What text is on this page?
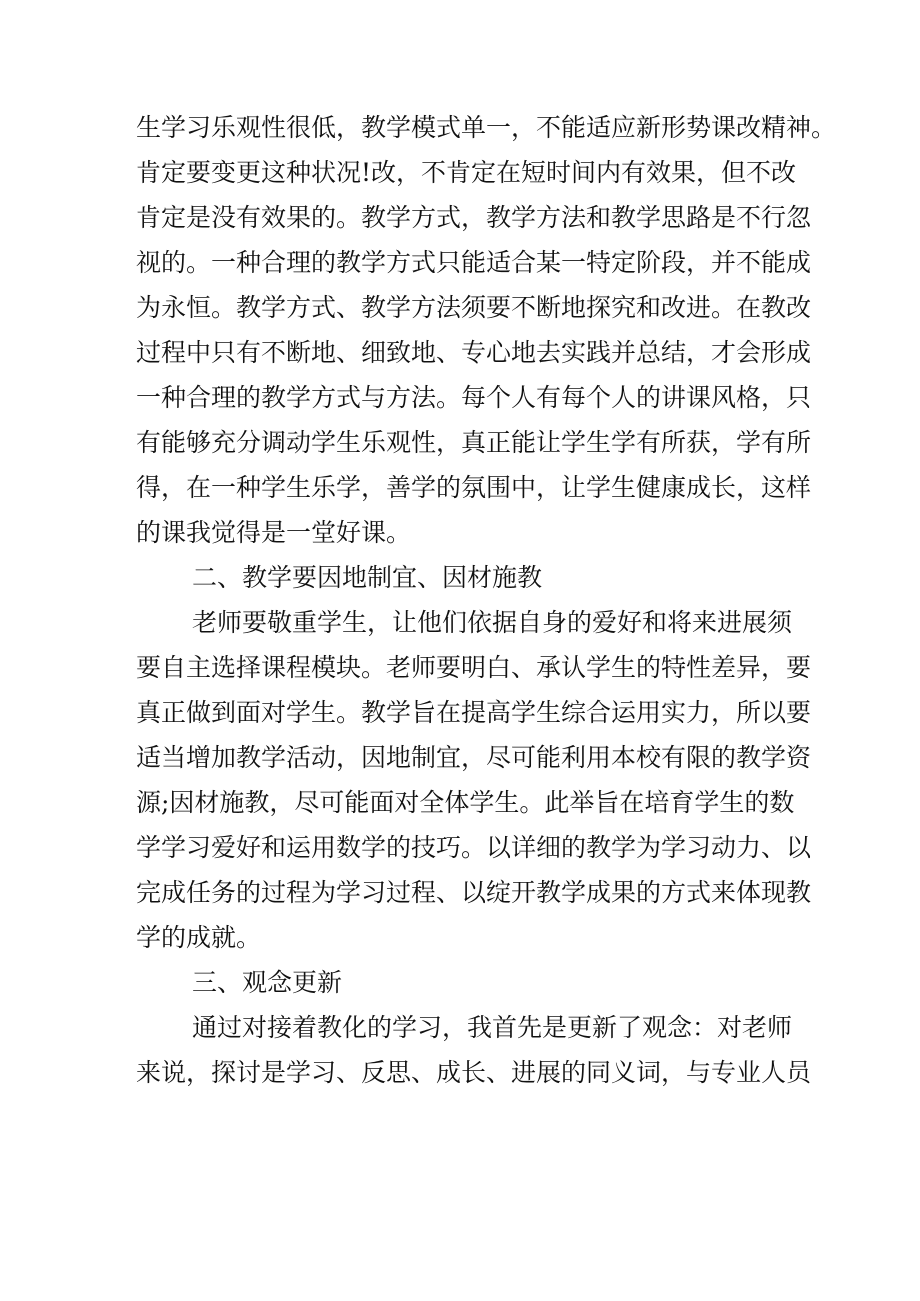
生学习乐观性很低，教学模式单一，不能适应新形势课改精神。
肯定要变更这种状况!改，不肯定在短时间内有效果，但不改
肯定是没有效果的。教学方式，教学方法和教学思路是不行忽
视的。一种合理的教学方式只能适合某一特定阶段，并不能成
为永恒。教学方式、教学方法须要不断地探究和改进。在教改
过程中只有不断地、细致地、专心地去实践并总结，才会形成
一种合理的教学方式与方法。每个人有每个人的讲课风格，只
有能够充分调动学生乐观性，真正能让学生学有所获，学有所
得，在一种学生乐学，善学的氛围中，让学生健康成长，这样
的课我觉得是一堂好课。
二、教学要因地制宜、因材施教
老师要敬重学生，让他们依据自身的爱好和将来进展须
要自主选择课程模块。老师要明白、承认学生的特性差异，要
真正做到面对学生。教学旨在提高学生综合运用实力，所以要
适当增加教学活动，因地制宜，尽可能利用本校有限的教学资
源;因材施教，尽可能面对全体学生。此举旨在培育学生的数
学学习爱好和运用数学的技巧。以详细的教学为学习动力、以
完成任务的过程为学习过程、以绽开教学成果的方式来体现教
学的成就。
三、观念更新
通过对接着教化的学习，我首先是更新了观念：对老师
来说，探讨是学习、反思、成长、进展的同义词，与专业人员
